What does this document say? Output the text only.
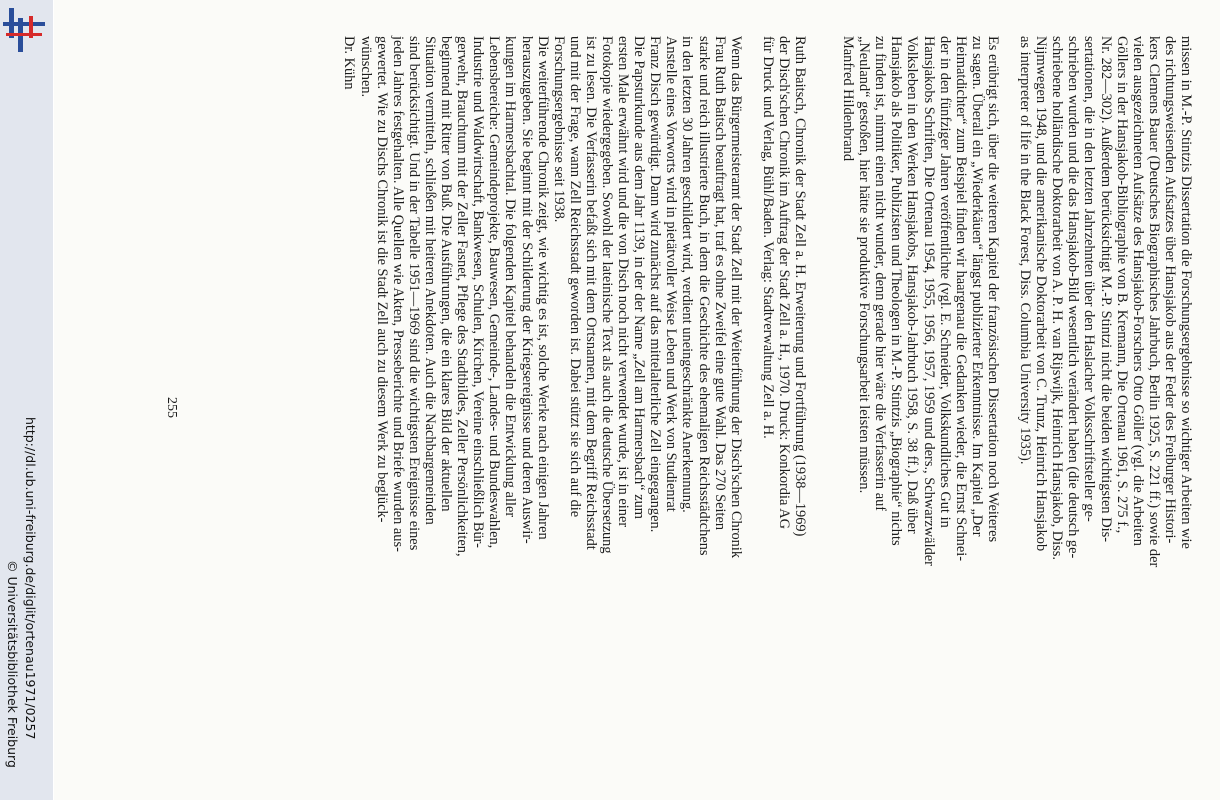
http://dl.ub.uni-freiburg.de/diglit/ortenau1971/0257
© Universitätsbibliothek Freiburg

missen in M.-P. Stintzis Dissertation die Forschungsergebnisse so wichtiger Arbeiten wie
des richtungsweisenden Aufsatzes über Hansjakob aus der Feder des Freiburger Histori-
kers Clemens Bauer (Deutsches Biographisches Jahrbuch, Berlin 1925, S. 221 ff.) sowie der
vielen ausgezeichneten Aufsätze des Hansjakob-Forschers Otto Göller (vgl. die Arbeiten
Göllers in der Hansjakob-Bibliographie von B. Kremann, Die Ortenau 1961, S. 275 f.,
Nr. 282—302). Außerdem berücksichtigt M.-P. Stintzi nicht die beiden wichtigsten Dis-
sertationen, die in den letzten Jahrzehnten über den Haslacher Volksschriftsteller ge-
schrieben wurden und die das Hansjakob-Bild wesentlich verändert haben (die deutsch ge-
schriebene holländische Doktorarbeit von A. P. H. van Rijswijk, Heinrich Hansjakob, Diss.
Nijmwegen 1948, und die amerikanische Doktorarbeit von C. Trunz, Heinrich Hansjakob
as interpreter of life in the Black Forest, Diss. Columbia University 1935).

Es erübrigt sich, über die weiteren Kapitel der französischen Dissertation noch Weiteres
zu sagen. Überall ein „Wiederkäuen“ längst publizierter Erkenntnisse. Im Kapitel „Der
Heimatdichter“ zum Beispiel finden wir haargenau die Gedanken wieder, die Ernst Schnei-
der in den fünfziger Jahren veröffentlichte (vgl. E. Schneider, Volkskundliches Gut in
Hansjakobs Schriften, Die Ortenau 1954, 1955, 1956, 1957, 1959 und ders., Schwarzwälder
Volksleben in den Werken Hansjakobs, Hansjakob-Jahrbuch 1958, S. 38 ff.). Daß über
Hansjakob als Politiker, Publizisten und Theologen in M.-P. Stintzis „Biographie“ nichts
zu finden ist, nimmt einen nicht wunder, denn gerade hier wäre die Verfasserin auf
„Neuland“ gestoßen, hier hätte sie produktive Forschungsarbeit leisten müssen.

Manfred Hildenbrand

Ruth Baitsch, Chronik der Stadt Zell a. H. Erweiterung und Fortführung (1938—1969)
der Disch'schen Chronik im Auftrag der Stadt Zell a. H., 1970. Druck: Konkordia AG
für Druck und Verlag, Bühl/Baden. Verlag: Stadtverwaltung Zell a. H.

Wenn das Bürgermeisteramt der Stadt Zell mit der Weiterführung der Disch'schen Chronik
Frau Ruth Baitsch beauftragt hat, traf es ohne Zweifel eine gute Wahl. Das 270 Seiten
starke und reich illustrierte Buch, in dem die Geschichte des ehemaligen Reichsstädtchens
in den letzten 30 Jahren geschildert wird, verdient uneingeschränkte Anerkennung.

Anstelle eines Vorworts wird in pietätvoller Weise Leben und Werk von Studienrat
Franz Disch gewürdigt. Dann wird zunächst auf das mittelalterliche Zell eingegangen.
Die Papsturkunde aus dem Jahr 1139, in der der Name „Zell am Harmersbach“ zum
ersten Male erwähnt wird und die von Disch noch nicht verwendet wurde, ist in einer
Fotokopie wiedergegeben. Sowohl der lateinische Text als auch die deutsche Übersetzung
ist zu lesen. Die Verfasserin befaßt sich mit dem Ortsnamen, mit dem Begriff Reichsstadt
und mit der Frage, wann Zell Reichsstadt geworden ist. Dabei stützt sie sich auf die
Forschungsergebnisse seit 1938.

Die weiterführende Chronik zeigt, wie wichtig es ist, solche Werke nach einigen Jahren
herauszugeben. Sie beginnt mit der Schilderung der Kriegsereignisse und deren Auswir-
kungen im Harmersbachtal. Die folgenden Kapitel behandeln die Entwicklung aller
Lebensbereiche: Gemeindeprojekte, Bauwesen, Gemeinde-, Landes- und Bundeswahlen,
Industrie und Waldwirtschaft, Bankwesen, Schulen, Kirchen, Vereine einschließlich Bür-
gerwehr, Brauchtum mit der Zeller Fasnet, Pflege des Stadtbildes, Zeller Persönlichkeiten,
beginnend mit Ritter von Buß. Die Ausführungen, die ein klares Bild der aktuellen
Situation vermitteln, schließen mit heiteren Anekdoten. Auch die Nachbargemeinden
sind berücksichtigt. Und in der Tabelle 1951—1969 sind die wichtigsten Ereignisse eines
jeden Jahres festgehalten. Alle Quellen wie Akten, Presseberichte und Briefe wurden aus-
gewertet. Wie zu Dischs Chronik ist die Stadt Zell auch zu diesem Werk zu beglück-
wünschen.

Dr. Kühn

255
